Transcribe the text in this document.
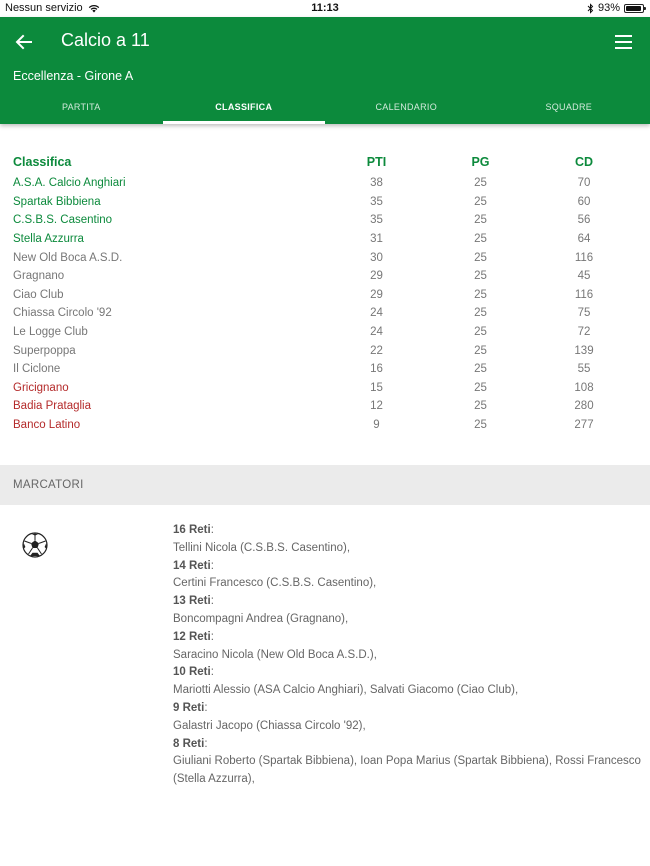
Nessun servizio	11:13	93%
Calcio a 11
Eccellenza - Girone A
PARTITA	CLASSIFICA	CALENDARIO	SQUADRE
Classifica	PTI	PG	CD
A.S.A. Calcio Anghiari	38	25	70
Spartak Bibbiena	35	25	60
C.S.B.S. Casentino	35	25	56
Stella Azzurra	31	25	64
New Old Boca A.S.D.	30	25	116
Gragnano	29	25	45
Ciao Club	29	25	116
Chiassa Circolo '92	24	25	75
Le Logge Club	24	25	72
Superpoppa	22	25	139
Il Ciclone	16	25	55
Gricignano	15	25	108
Badia Prataglia	12	25	280
Banco Latino	9	25	277
MARCATORI
16 Reti:
Tellini Nicola (C.S.B.S. Casentino),
14 Reti:
Certini Francesco (C.S.B.S. Casentino),
13 Reti:
Boncompagni Andrea (Gragnano),
12 Reti:
Saracino Nicola (New Old Boca A.S.D.),
10 Reti:
Mariotti Alessio (ASA Calcio Anghiari), Salvati Giacomo (Ciao Club),
9 Reti:
Galastri Jacopo (Chiassa Circolo '92),
8 Reti:
Giuliani Roberto (Spartak Bibbiena), Ioan Popa Marius (Spartak Bibbiena), Rossi Francesco (Stella Azzurra),
